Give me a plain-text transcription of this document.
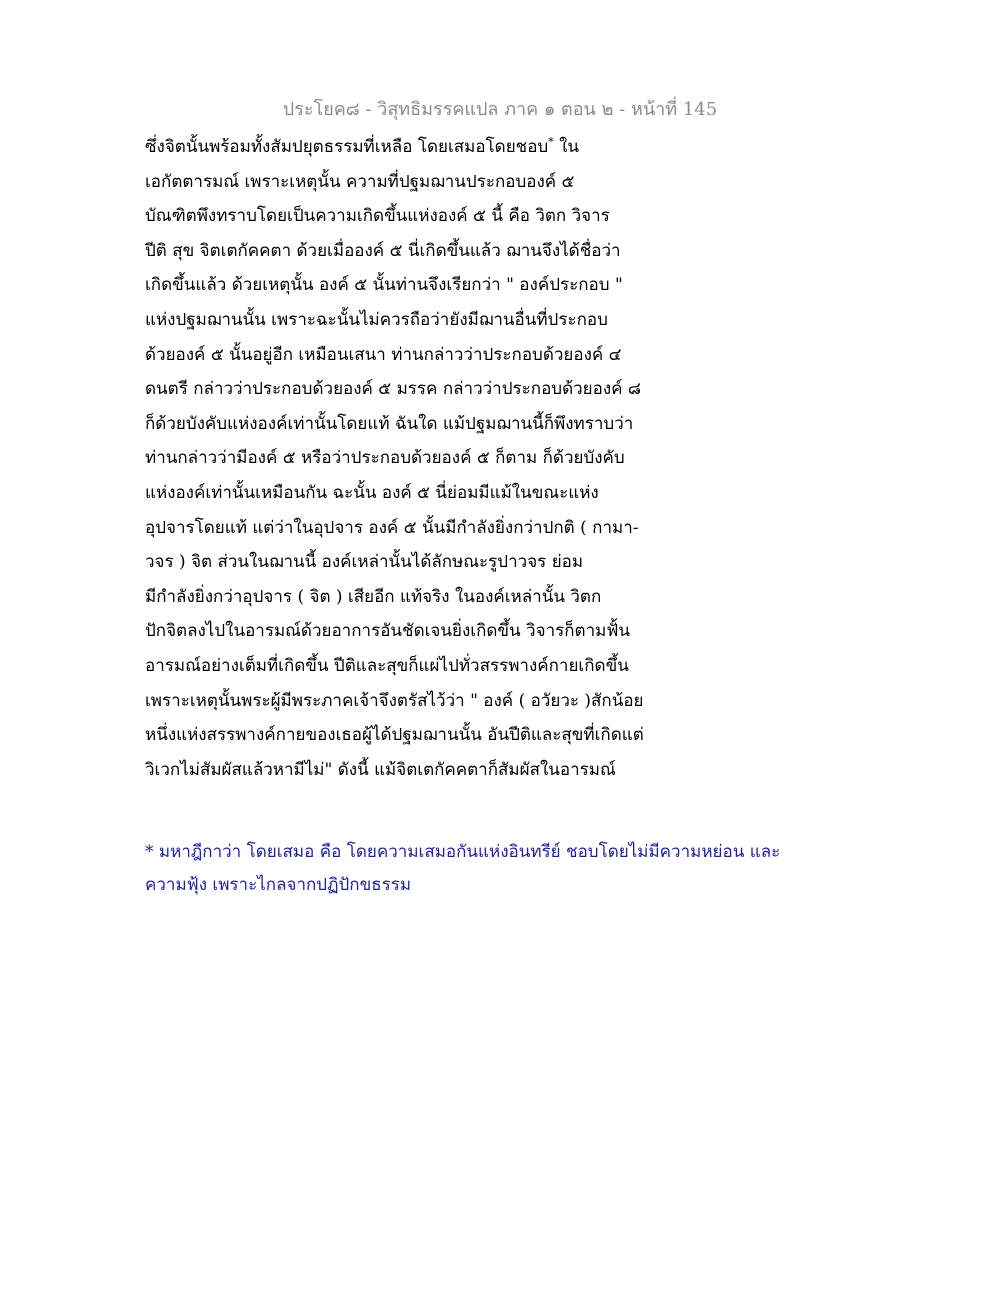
ประโยค๘ - วิสุทธิมรรคแปล ภาค ๑ ตอน ๒ - หน้าที่ 145
ซึ่งจิตนั้นพร้อมทั้งสัมปยุตธรรมที่เหลือ โดยเสมอโดยชอบ* ใน
เอกัตตารมณ์ เพราะเหตุนั้น ความที่ปฐมฌานประกอบองค์ ๕
บัณฑิตพึงทราบโดยเป็นความเกิดขึ้นแห่งองค์ ๕ นี้ คือ วิตก วิจาร
ปีติ สุข จิตเตกัคคตา ด้วยเมื่อองค์ ๕ นี่เกิดขึ้นแล้ว ฌานจึงได้ชื่อว่า
เกิดขึ้นแล้ว ด้วยเหตุนั้น องค์ ๕ นั้นท่านจึงเรียกว่า " องค์ประกอบ "
แห่งปฐมฌานนั้น เพราะฉะนั้นไม่ควรถือว่ายังมีฌานอื่นที่ประกอบ
ด้วยองค์ ๕ นั้นอยู่อีก เหมือนเสนา ท่านกล่าวว่าประกอบด้วยองค์ ๔
ดนตรี กล่าวว่าประกอบด้วยองค์ ๕ มรรค กล่าวว่าประกอบด้วยองค์ ๘
ก็ด้วยบังคับแห่งองค์เท่านั้นโดยแท้ ฉันใด แม้ปฐมฌานนี้ก็พึงทราบว่า
ท่านกล่าวว่ามีองค์ ๕ หรือว่าประกอบด้วยองค์ ๕ ก็ตาม ก็ด้วยบังคับ
แห่งองค์เท่านั้นเหมือนกัน ฉะนั้น องค์ ๕ นี่ย่อมมีแม้ในขณะแห่ง
อุปจารโดยแท้ แต่ว่าในอุปจาร องค์ ๕ นั้นมีกำลังยิ่งกว่าปกติ ( กามา-
วจร ) จิต ส่วนในฌานนี้ องค์เหล่านั้นได้ลักษณะรูปาวจร ย่อม
มีกำลังยิ่งกว่าอุปจาร ( จิต ) เสียอีก แท้จริง ในองค์เหล่านั้น วิตก
ปักจิตลงไปในอารมณ์ด้วยอาการอันชัดเจนยิ่งเกิดขึ้น วิจารก็ตามฟั้น
อารมณ์อย่างเต็มที่เกิดขึ้น ปีติและสุขก็แผ่ไปทั่วสรรพางค์กายเกิดขึ้น
เพราะเหตุนั้นพระผู้มีพระภาคเจ้าจึงตรัสไว้ว่า " องค์ ( อวัยวะ )สักน้อย
หนึ่งแห่งสรรพางค์กายของเธอผู้ได้ปฐมฌานนั้น อันปีติและสุขที่เกิดแต่
วิเวกไม่สัมผัสแล้วหามีไม่" ดังนี้ แม้จิตเตกัคคตาก็สัมผัสในอารมณ์
* มหาฎีกาว่า โดยเสมอ คือ โดยความเสมอกันแห่งอินทรีย์ ชอบโดยไม่มีความหย่อน และ
ความฟุ้ง เพราะไกลจากปฏิปักขธรรม
